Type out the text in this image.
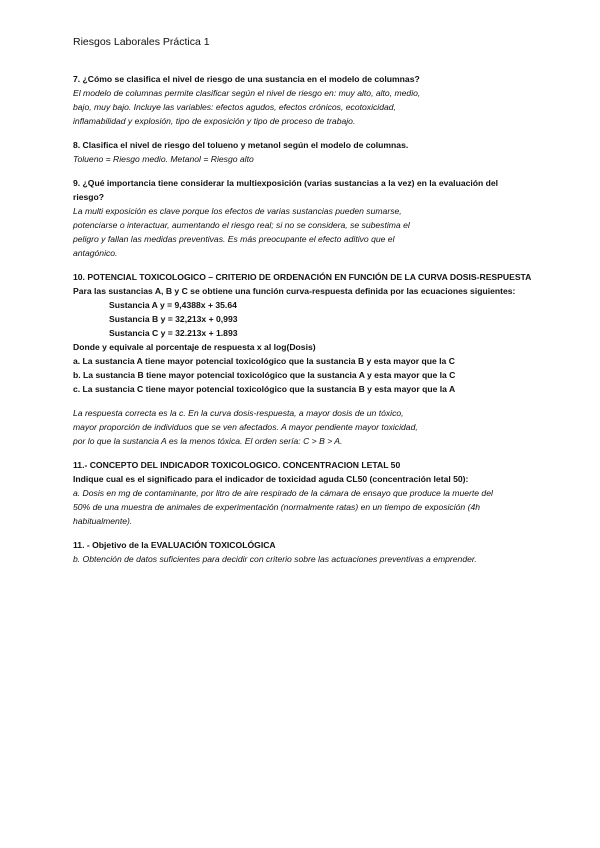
Riesgos Laborales Práctica 1
7. ¿Cómo se clasifica el nivel de riesgo de una sustancia en el modelo de columnas?
El modelo de columnas permite clasificar según el nivel de riesgo en: muy alto, alto, medio,
bajo, muy bajo. Incluye las variables: efectos agudos, efectos crónicos, ecotoxicidad,
inflamabilidad y explosión, tipo de exposición y tipo de proceso de trabajo.
8. Clasifica el nivel de riesgo del tolueno y metanol según el modelo de columnas.
Tolueno = Riesgo medio. Metanol = Riesgo alto
9. ¿Qué importancia tiene considerar la multiexposición (varias sustancias a la vez) en la evaluación del
riesgo?
La multi exposición es clave porque los efectos de varias sustancias pueden sumarse,
potenciarse o interactuar, aumentando el riesgo real; si no se considera, se subestima el
peligro y fallan las medidas preventivas. Es más preocupante el efecto aditivo que el
antagónico.
10. POTENCIAL TOXICOLOGICO – CRITERIO DE ORDENACIÓN EN FUNCIÓN DE LA CURVA DOSIS-RESPUESTA
Para las sustancias A, B y C se obtiene una función curva-respuesta definida por las ecuaciones siguientes:
Sustancia A y = 9,4388x + 35.64
Sustancia B y = 32,213x + 0,993
Sustancia C y = 32.213x + 1.893
Donde y equivale al porcentaje de respuesta x al log(Dosis)
a. La sustancia A tiene mayor potencial toxicológico que la sustancia B y esta mayor que la C
b. La sustancia B tiene mayor potencial toxicológico que la sustancia A y esta mayor que la C
c. La sustancia C tiene mayor potencial toxicológico que la sustancia B y esta mayor que la A
La respuesta correcta es la c. En la curva dosis-respuesta, a mayor dosis de un tóxico,
mayor proporción de individuos que se ven afectados. A mayor pendiente mayor toxicidad,
por lo que la sustancia A es la menos tóxica. El orden sería: C > B > A.
11.- CONCEPTO DEL INDICADOR TOXICOLOGICO. CONCENTRACION LETAL 50
Indique cual es el significado para el indicador de toxicidad aguda CL50 (concentración letal 50):
a. Dosis en mg de contaminante, por litro de aire respirado de la cámara de ensayo que produce la muerte del
50% de una muestra de animales de experimentación (normalmente ratas) en un tiempo de exposición (4h
habitualmente).
11. - Objetivo de la EVALUACIÓN TOXICOLÓGICA
b. Obtención de datos suficientes para decidir con criterio sobre las actuaciones preventivas a emprender.
